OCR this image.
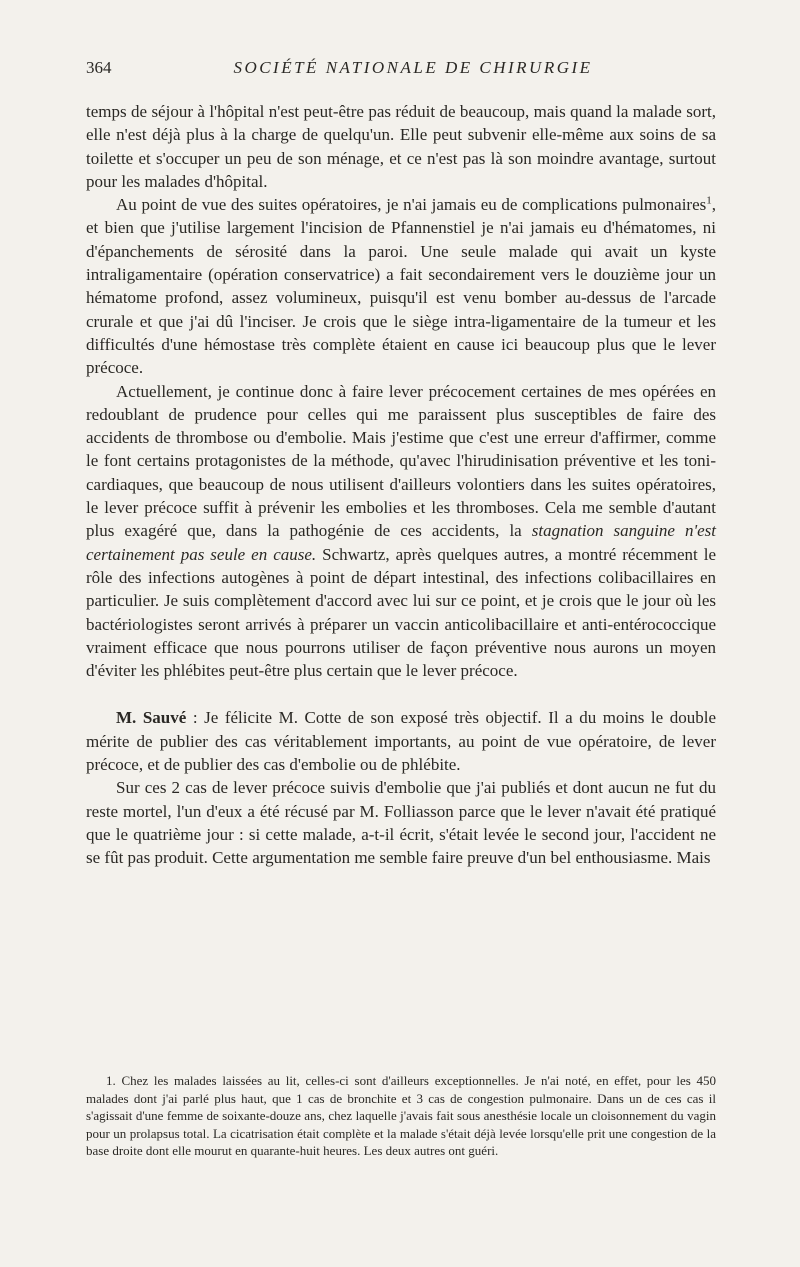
364	SOCIÉTÉ NATIONALE DE CHIRURGIE

temps de séjour à l'hôpital n'est peut-être pas réduit de beaucoup, mais quand la malade sort, elle n'est déjà plus à la charge de quelqu'un. Elle peut subvenir elle-même aux soins de sa toilette et s'occuper un peu de son ménage, et ce n'est pas là son moindre avantage, surtout pour les malades d'hôpital.

Au point de vue des suites opératoires, je n'ai jamais eu de complications pulmonaires$^1$, et bien que j'utilise largement l'incision de Pfannenstiel je n'ai jamais eu d'hématomes, ni d'épanchements de sérosité dans la paroi. Une seule malade qui avait un kyste intraligamentaire (opération conservatrice) a fait secondairement vers le douzième jour un hématome profond, assez volumineux, puisqu'il est venu bomber au-dessus de l'arcade crurale et que j'ai dû l'inciser. Je crois que le siège intra-ligamentaire de la tumeur et les difficultés d'une hémostase très complète étaient en cause ici beaucoup plus que le lever précoce.

Actuellement, je continue donc à faire lever précocement certaines de mes opérées en redoublant de prudence pour celles qui me paraissent plus susceptibles de faire des accidents de thrombose ou d'embolie. Mais j'estime que c'est une erreur d'affirmer, comme le font certains protagonistes de la méthode, qu'avec l'hirudinisation préventive et les toni-cardiaques, que beaucoup de nous utilisent d'ailleurs volontiers dans les suites opératoires, le lever précoce suffit à prévenir les embolies et les thromboses. Cela me semble d'autant plus exagéré que, dans la pathogénie de ces accidents, la stagnation sanguine n'est certainement pas seule en cause. Schwartz, après quelques autres, a montré récemment le rôle des infections autogènes à point de départ intestinal, des infections colibacillaires en particulier. Je suis complètement d'accord avec lui sur ce point, et je crois que le jour où les bactériologistes seront arrivés à préparer un vaccin anticolibacillaire et anti-entérococcique vraiment efficace que nous pourrons utiliser de façon préventive nous aurons un moyen d'éviter les phlébites peut-être plus certain que le lever précoce.

M. Sauvé : Je félicite M. Cotte de son exposé très objectif. Il a du moins le double mérite de publier des cas véritablement importants, au point de vue opératoire, de lever précoce, et de publier des cas d'embolie ou de phlébite.

Sur ces 2 cas de lever précoce suivis d'embolie que j'ai publiés et dont aucun ne fut du reste mortel, l'un d'eux a été récusé par M. Folliasson parce que le lever n'avait été pratiqué que le quatrième jour : si cette malade, a-t-il écrit, s'était levée le second jour, l'accident ne se fût pas produit. Cette argumentation me semble faire preuve d'un bel enthousiasme. Mais

1. Chez les malades laissées au lit, celles-ci sont d'ailleurs exceptionnelles. Je n'ai noté, en effet, pour les 450 malades dont j'ai parlé plus haut, que 1 cas de bronchite et 3 cas de congestion pulmonaire. Dans un de ces cas il s'agissait d'une femme de soixante-douze ans, chez laquelle j'avais fait sous anesthésie locale un cloisonnement du vagin pour un prolapsus total. La cicatrisation était complète et la malade s'était déjà levée lorsqu'elle prit une congestion de la base droite dont elle mourut en quarante-huit heures. Les deux autres ont guéri.
